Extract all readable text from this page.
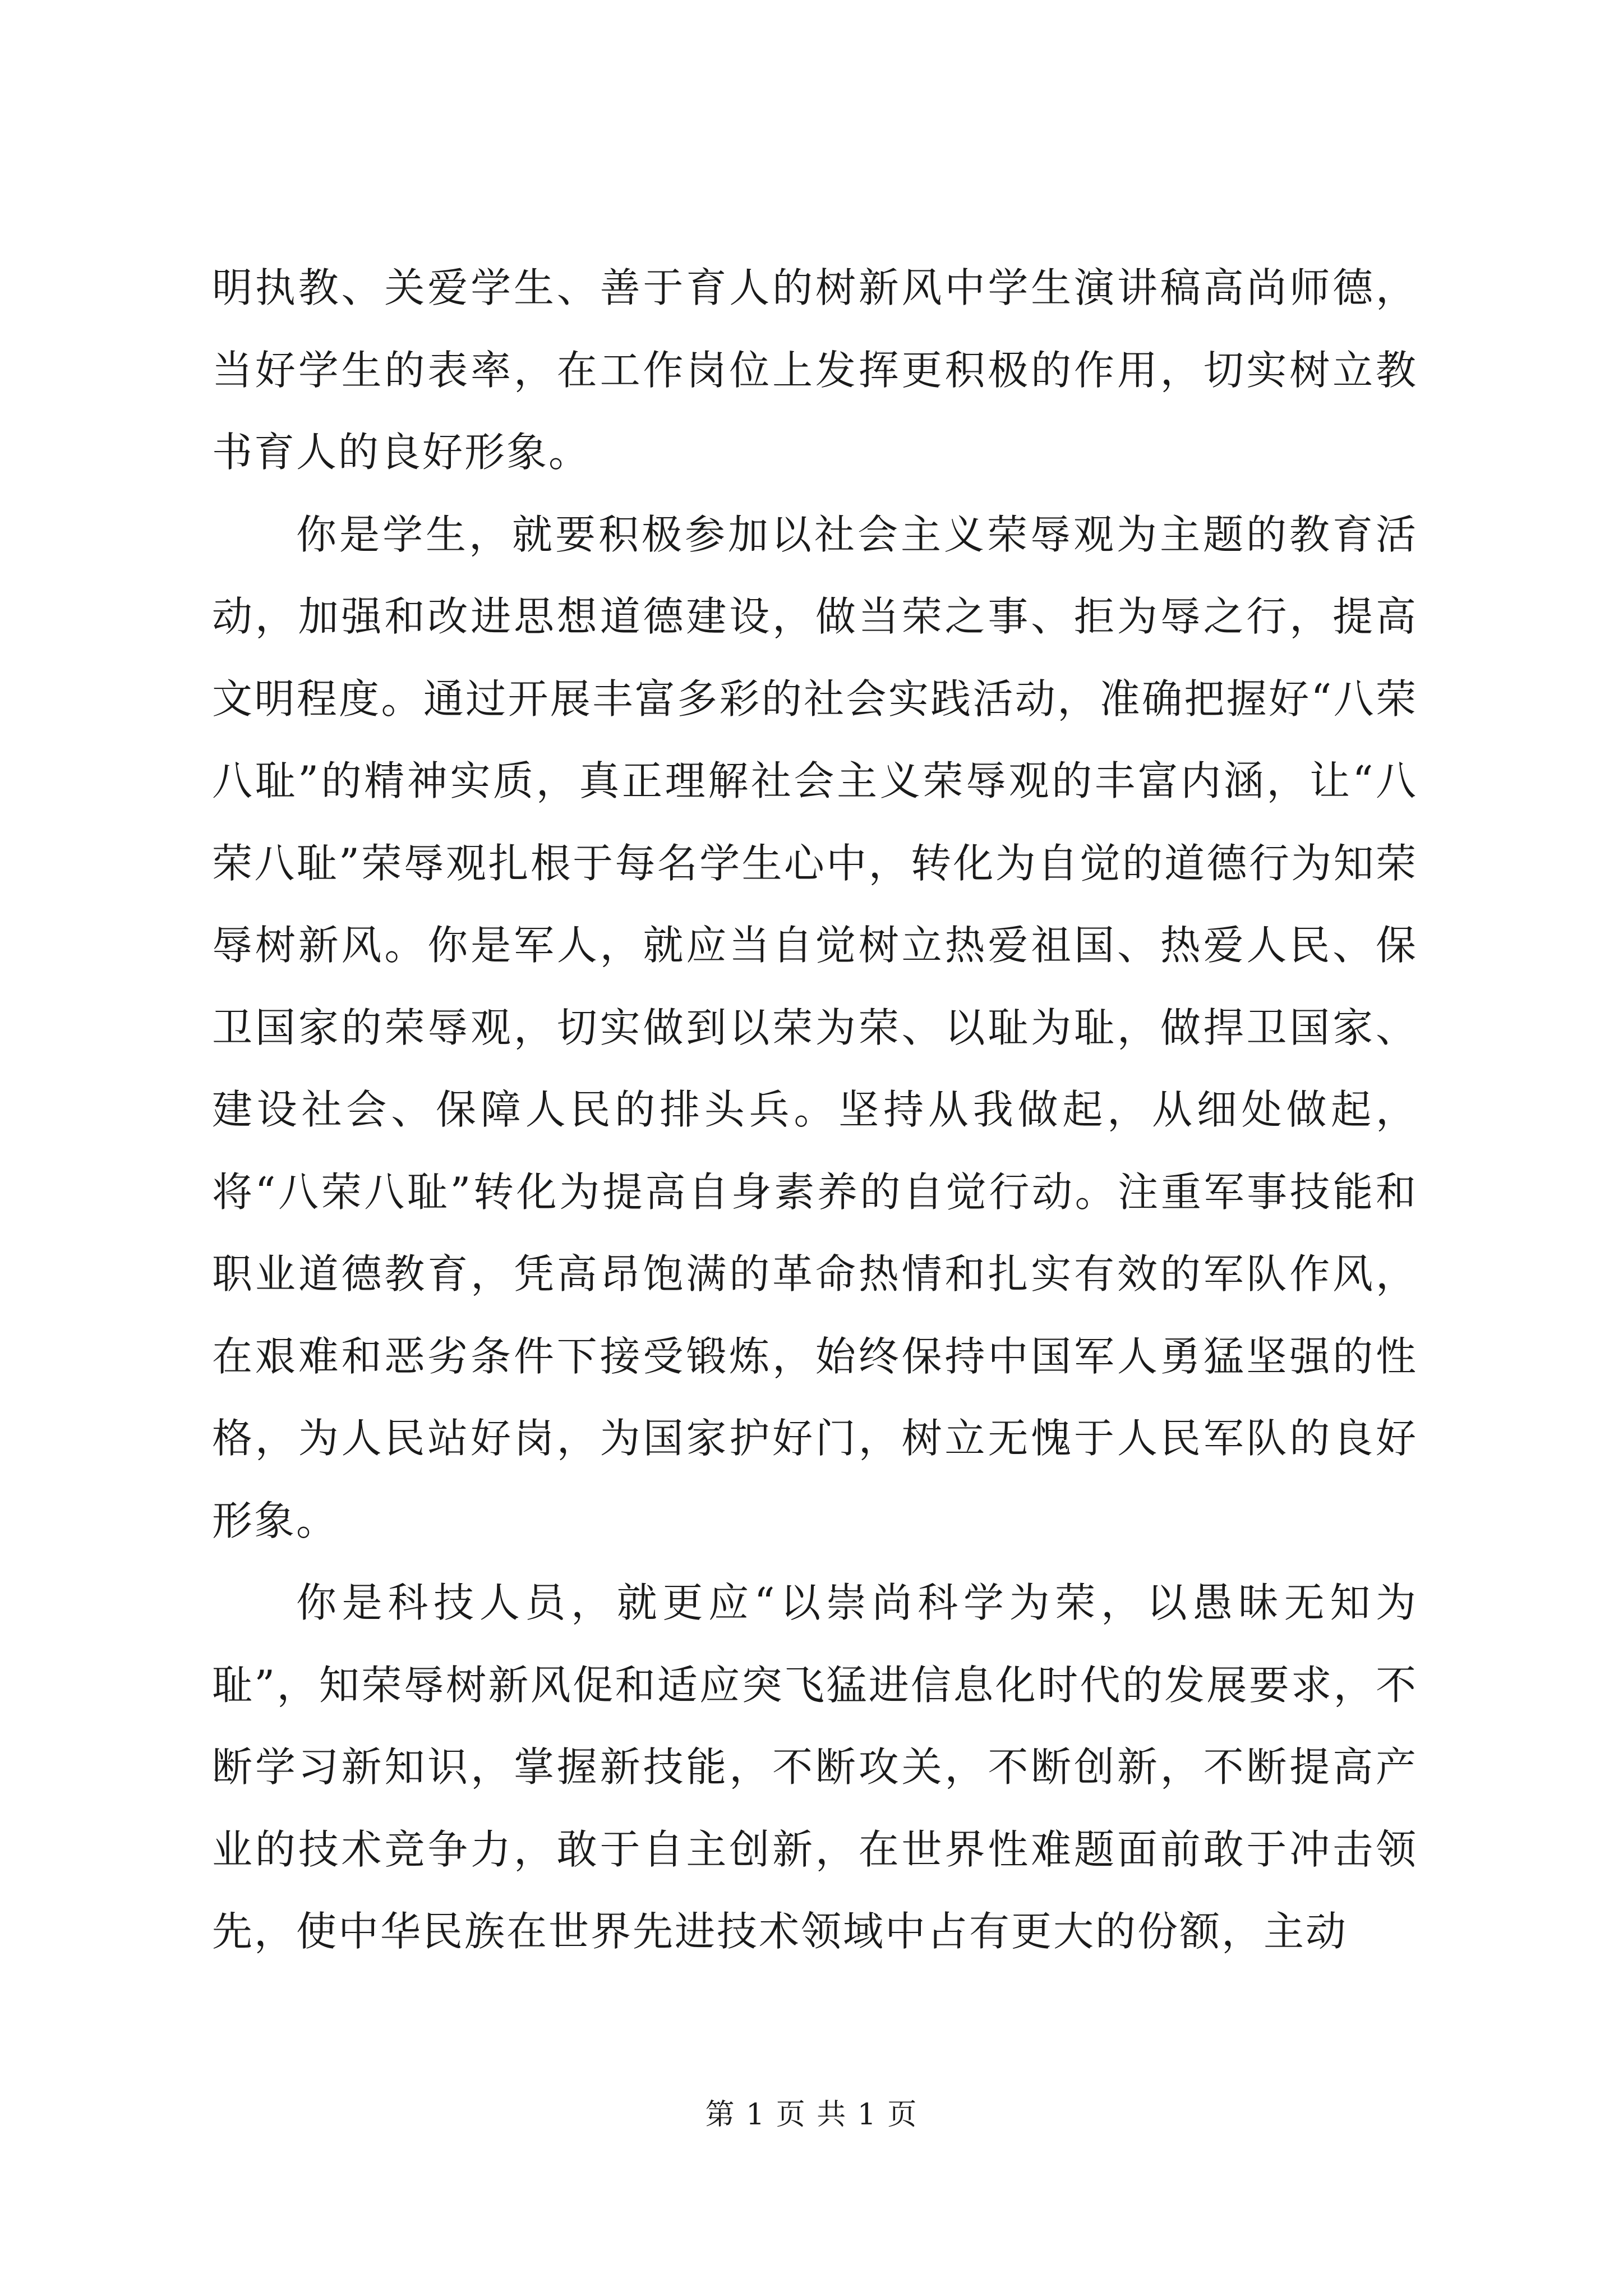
明执教、关爱学生、善于育人的树新风中学生演讲稿高尚师德，当好学生的表率，在工作岗位上发挥更积极的作用，切实树立教书育人的良好形象。

你是学生，就要积极参加以社会主义荣辱观为主题的教育活动，加强和改进思想道德建设，做当荣之事、拒为辱之行，提高文明程度。通过开展丰富多彩的社会实践活动，准确把握好“八荣八耻”的精神实质，真正理解社会主义荣辱观的丰富内涵，让“八荣八耻”荣辱观扎根于每名学生心中，转化为自觉的道德行为知荣辱树新风。你是军人，就应当自觉树立热爱祖国、热爱人民、保卫国家的荣辱观，切实做到以荣为荣、以耻为耻，做捍卫国家、建设社会、保障人民的排头兵。坚持从我做起，从细处做起，将“八荣八耻”转化为提高自身素养的自觉行动。注重军事技能和职业道德教育，凭高昂饱满的革命热情和扎实有效的军队作风，在艰难和恶劣条件下接受锻炼，始终保持中国军人勇猛坚强的性格，为人民站好岗，为国家护好门，树立无愧于人民军队的良好形象。

你是科技人员，就更应“以崇尚科学为荣，以愚昧无知为耻”，知荣辱树新风促和适应突飞猛进信息化时代的发展要求，不断学习新知识，掌握新技能，不断攻关，不断创新，不断提高产业的技术竞争力，敢于自主创新，在世界性难题面前敢于冲击领先，使中华民族在世界先进技术领域中占有更大的份额，主动

第 1 页 共 1 页
